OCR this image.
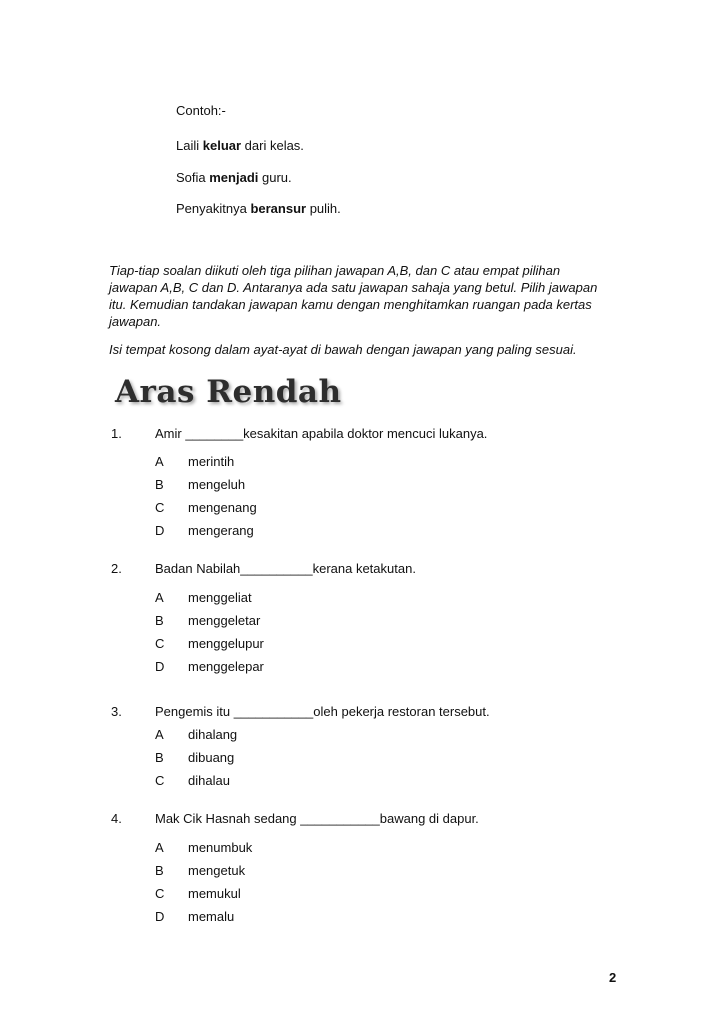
Contoh:-
Laili keluar dari kelas.
Sofia menjadi guru.
Penyakitnya beransur pulih.
Tiap-tiap soalan diikuti oleh tiga pilihan jawapan A,B, dan C atau empat pilihan jawapan A,B, C dan D. Antaranya ada satu jawapan sahaja yang betul. Pilih jawapan itu. Kemudian tandakan jawapan kamu dengan menghitamkan ruangan pada kertas jawapan.
Isi tempat kosong dalam ayat-ayat di bawah dengan jawapan yang paling sesuai.
Aras Rendah
1.	Amir ________kesakitan apabila doktor mencuci lukanya.
A merintih
B mengeluh
C mengenang
D mengerang
2.	Badan Nabilah__________kerana ketakutan.
A menggeliat
B menggeletar
C menggelupur
D menggelepar
3.	Pengemis itu ___________oleh pekerja restoran tersebut.
A dihalang
B dibuang
C dihalau
4.	Mak Cik Hasnah sedang ___________bawang di dapur.
A menumbuk
B mengetuk
C memukul
D memalu
2
